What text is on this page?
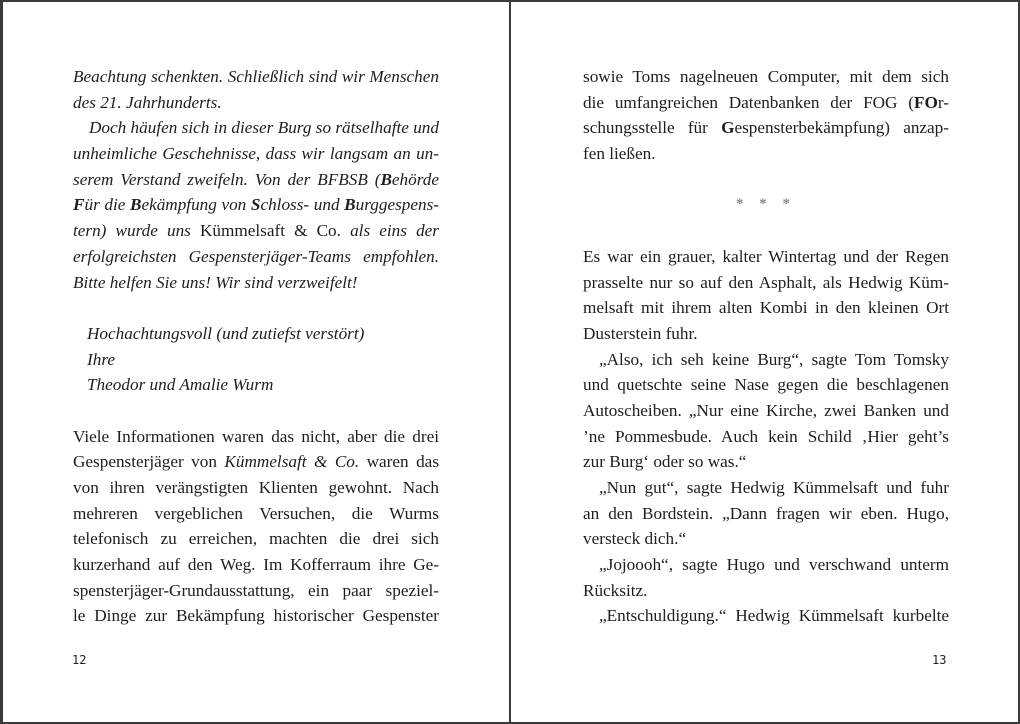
Beachtung schenkten. Schließlich sind wir Menschen
des 21. Jahrhunderts.
Doch häufen sich in dieser Burg so rätselhafte und
unheimliche Geschehnisse, dass wir langsam an un-
serem Verstand zweifeln. Von der BFBSB (Behörde
Für die Bekämpfung von Schloss- und Burggespens-
tern) wurde uns Kümmelsaft & Co. als eins der
erfolgreichsten Gespensterjäger-Teams empfohlen.
Bitte helfen Sie uns! Wir sind verzweifelt!
Hochachtungsvoll (und zutiefst verstört)
Ihre
Theodor und Amalie Wurm
Viele Informationen waren das nicht, aber die drei
Gespensterjäger von Kümmelsaft & Co. waren das
von ihren verängstigten Klienten gewohnt. Nach
mehreren vergeblichen Versuchen, die Wurms
telefonisch zu erreichen, machten die drei sich
kurzerhand auf den Weg. Im Kofferraum ihre Ge-
spensterjäger-Grundausstattung, ein paar speziel-
le Dinge zur Bekämpfung historischer Gespenster
12
sowie Toms nagelneuen Computer, mit dem sich
die umfangreichen Datenbanken der FOG (FOr-
schungsstelle für Gespensterbekämpfung) anzap-
fen ließen.
* * *
Es war ein grauer, kalter Wintertag und der Regen
prasselte nur so auf den Asphalt, als Hedwig Küm-
melsaft mit ihrem alten Kombi in den kleinen Ort
Dusterstein fuhr.
„Also, ich seh keine Burg“, sagte Tom Tomsky
und quetschte seine Nase gegen die beschlagenen
Autoscheiben. „Nur eine Kirche, zwei Banken und
’ne Pommesbude. Auch kein Schild ‚Hier geht’s
zur Burg‘ oder so was.“
„Nun gut“, sagte Hedwig Kümmelsaft und fuhr
an den Bordstein. „Dann fragen wir eben. Hugo,
versteck dich.“
„Jojoooh“, sagte Hugo und verschwand unterm
Rücksitz.
„Entschuldigung.“ Hedwig Kümmelsaft kurbelte
13
